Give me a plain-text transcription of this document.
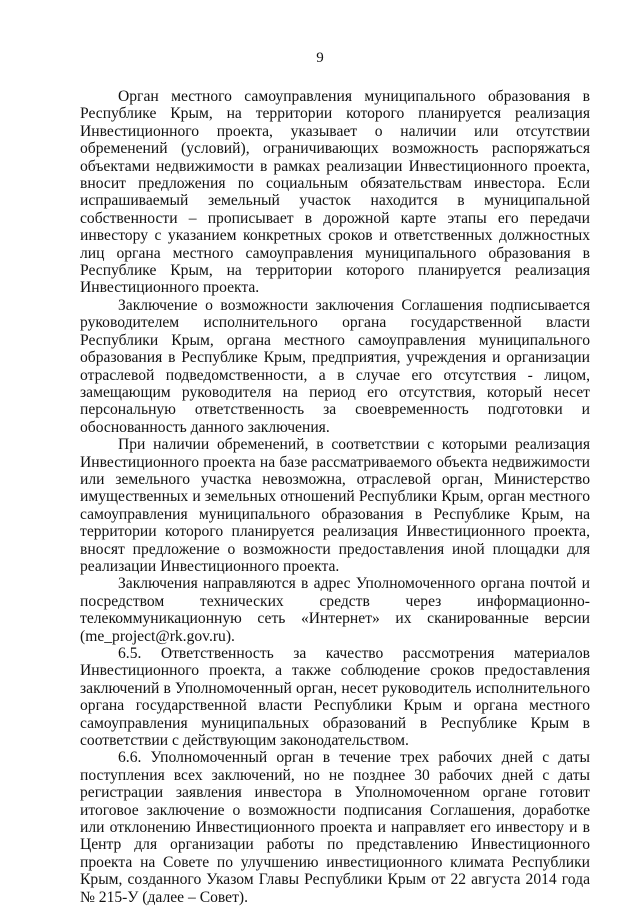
9

Орган местного самоуправления муниципального образования в Республике Крым, на территории которого планируется реализация Инвестиционного проекта, указывает о наличии или отсутствии обременений (условий), ограничивающих возможность распоряжаться объектами недвижимости в рамках реализации Инвестиционного проекта, вносит предложения по социальным обязательствам инвестора. Если испрашиваемый земельный участок находится в муниципальной собственности – прописывает в дорожной карте этапы его передачи инвестору с указанием конкретных сроков и ответственных должностных лиц органа местного самоуправления муниципального образования в Республике Крым, на территории которого планируется реализация Инвестиционного проекта.

Заключение о возможности заключения Соглашения подписывается руководителем исполнительного органа государственной власти Республики Крым, органа местного самоуправления муниципального образования в Республике Крым, предприятия, учреждения и организации отраслевой подведомственности, а в случае его отсутствия - лицом, замещающим руководителя на период его отсутствия, который несет персональную ответственность за своевременность подготовки и обоснованность данного заключения.

При наличии обременений, в соответствии с которыми реализация Инвестиционного проекта на базе рассматриваемого объекта недвижимости или земельного участка невозможна, отраслевой орган, Министерство имущественных и земельных отношений Республики Крым, орган местного самоуправления муниципального образования в Республике Крым, на территории которого планируется реализация Инвестиционного проекта, вносят предложение о возможности предоставления иной площадки для реализации Инвестиционного проекта.

Заключения направляются в адрес Уполномоченного органа почтой и посредством технических средств через информационно-телекоммуникационную сеть «Интернет» их сканированные версии (me_project@rk.gov.ru).

6.5. Ответственность за качество рассмотрения материалов Инвестиционного проекта, а также соблюдение сроков предоставления заключений в Уполномоченный орган, несет руководитель исполнительного органа государственной власти Республики Крым и органа местного самоуправления муниципальных образований в Республике Крым в соответствии с действующим законодательством.

6.6. Уполномоченный орган в течение трех рабочих дней с даты поступления всех заключений, но не позднее 30 рабочих дней с даты регистрации заявления инвестора в Уполномоченном органе готовит итоговое заключение о возможности подписания Соглашения, доработке или отклонению Инвестиционного проекта и направляет его инвестору и в Центр для организации работы по представлению Инвестиционного проекта на Совете по улучшению инвестиционного климата Республики Крым, созданного Указом Главы Республики Крым от 22 августа 2014 года № 215-У (далее – Совет).
